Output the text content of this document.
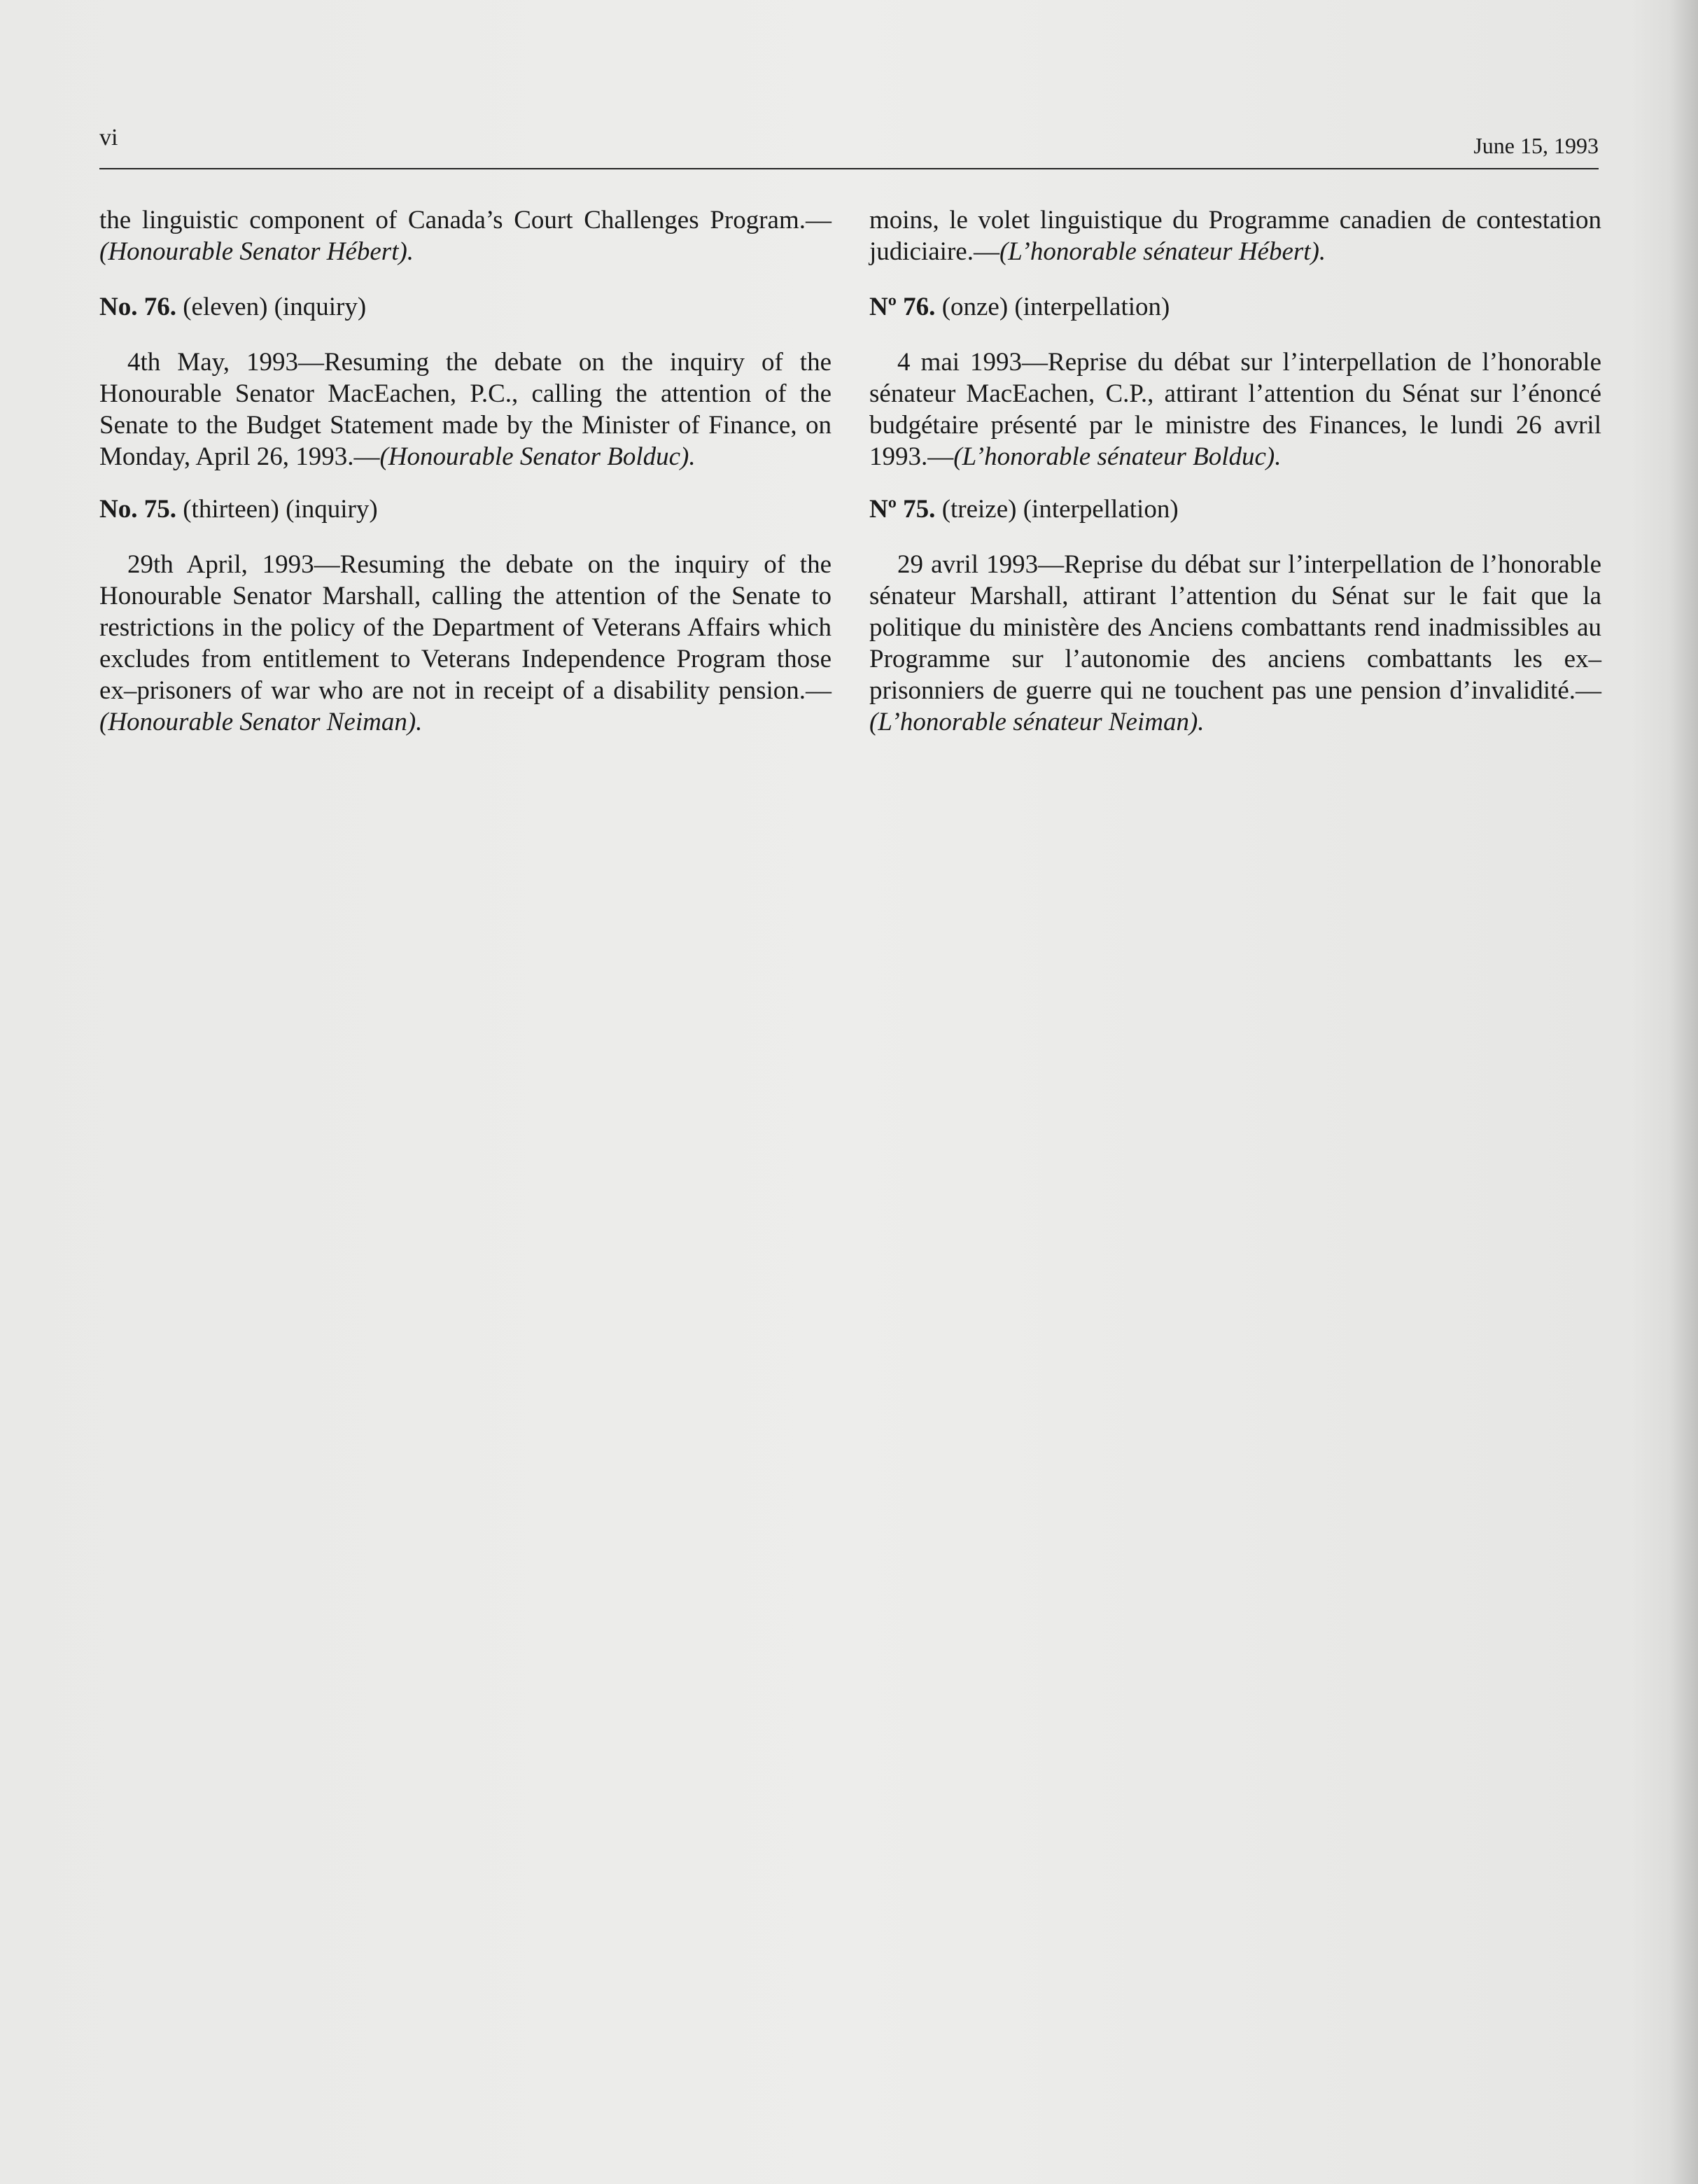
vi	June 15, 1993

the linguistic component of Canada’s Court Challenges Program.—(Honourable Senator Hébert).

No. 76. (eleven) (inquiry)

4th May, 1993—Resuming the debate on the inquiry of the Honourable Senator MacEachen, P.C., calling the attention of the Senate to the Budget Statement made by the Minister of Finance, on Monday, April 26, 1993.—(Honourable Senator Bolduc).

No. 75. (thirteen) (inquiry)

29th April, 1993—Resuming the debate on the inquiry of the Honourable Senator Marshall, calling the attention of the Senate to restrictions in the policy of the Department of Veterans Affairs which excludes from entitlement to Veterans Independence Program those ex–prisoners of war who are not in receipt of a disability pension.—(Honourable Senator Neiman).

moins, le volet linguistique du Programme canadien de contestation judiciaire.—(L’honorable sénateur Hébert).

Nº 76. (onze) (interpellation)

4 mai 1993—Reprise du débat sur l’interpellation de l’honorable sénateur MacEachen, C.P., attirant l’attention du Sénat sur l’énoncé budgétaire présenté par le ministre des Finances, le lundi 26 avril 1993.—(L’honorable sénateur Bolduc).

Nº 75. (treize) (interpellation)

29 avril 1993—Reprise du débat sur l’interpellation de l’honorable sénateur Marshall, attirant l’attention du Sénat sur le fait que la politique du ministère des Anciens combattants rend inadmissibles au Programme sur l’autonomie des anciens combattants les ex–prisonniers de guerre qui ne touchent pas une pension d’invalidité.—(L’honorable sénateur Neiman).
